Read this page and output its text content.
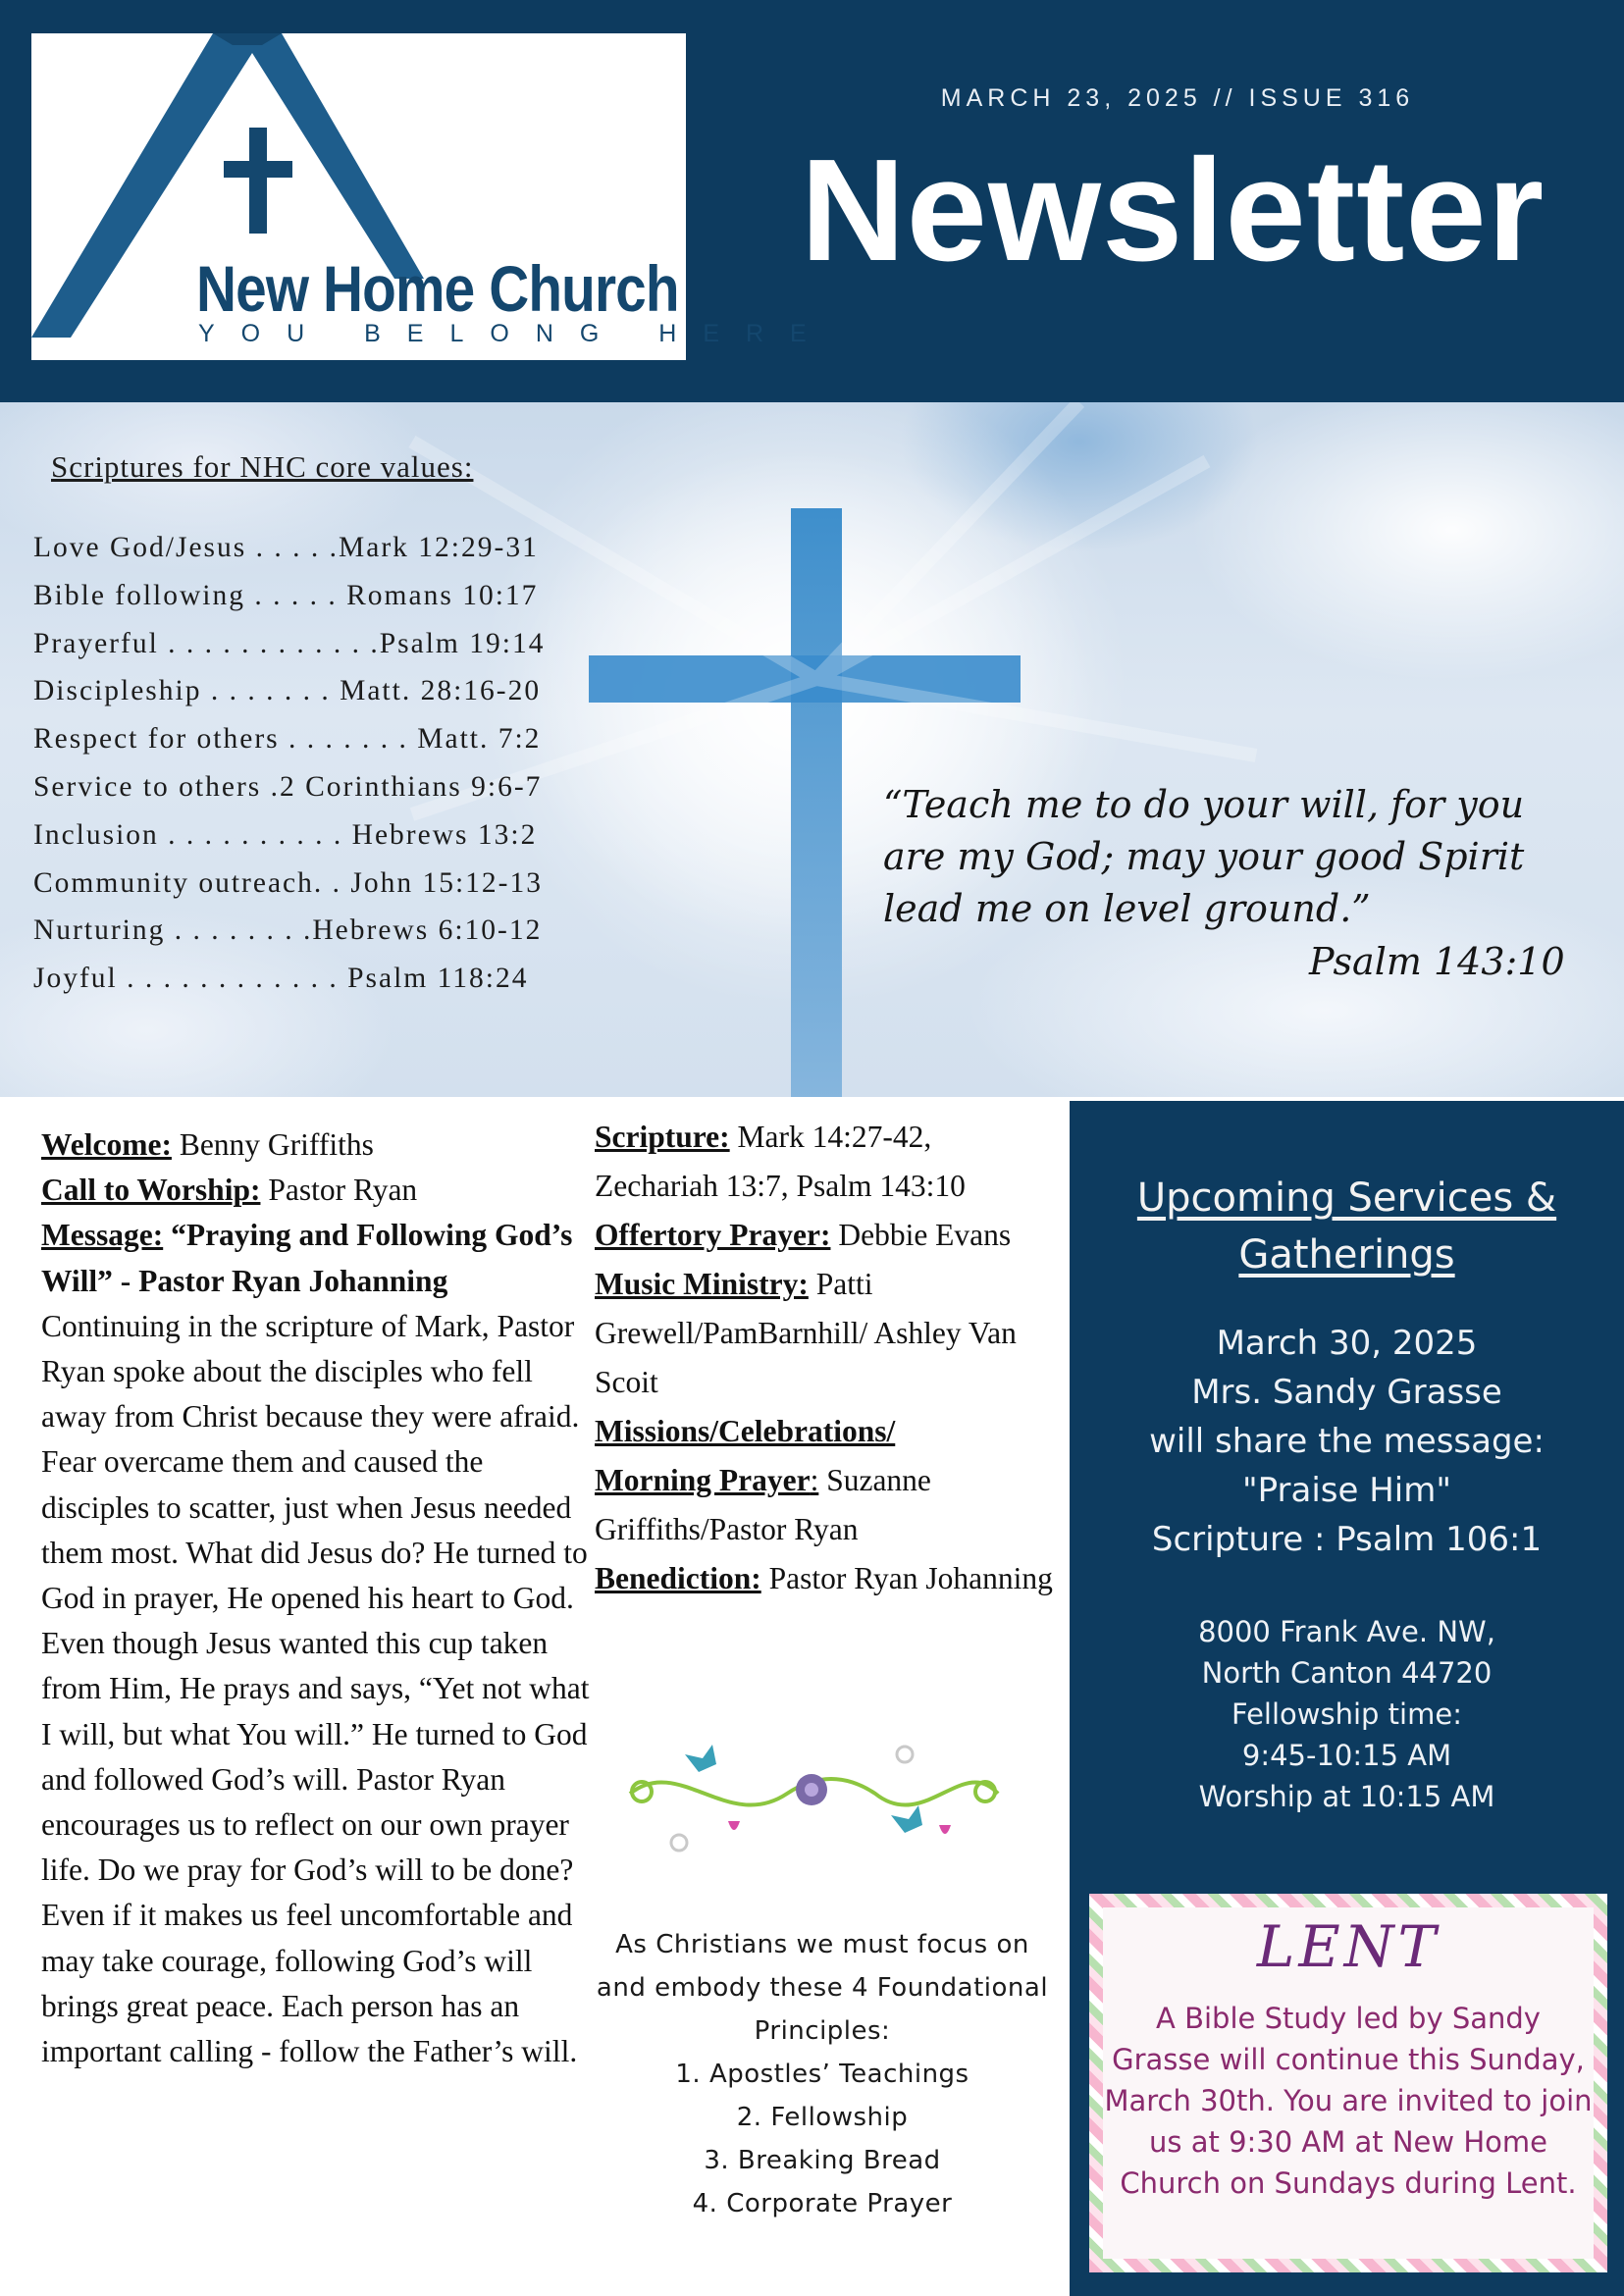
New Home Church
YOU BELONG HERE
MARCH 23, 2025 // ISSUE 316
Newsletter
Scriptures for NHC core values:
Love God/Jesus . . . . .Mark 12:29-31
Bible following . . . . . Romans 10:17
Prayerful . . . . . . . . . . . .Psalm 19:14
Discipleship . . . . . . . Matt. 28:16-20
Respect for others . . . . . . . Matt. 7:2
Service to others .2 Corinthians 9:6-7
Inclusion . . . . . . . . . . Hebrews 13:2
Community outreach. . John 15:12-13
Nurturing . . . . . . . .Hebrews 6:10-12
Joyful . . . . . . . . . . . . Psalm 118:24
“Teach me to do your will, for you are my God; may your good Spirit lead me on level ground.”
Psalm 143:10
Welcome: Benny Griffiths
Call to Worship: Pastor Ryan
Message: “Praying and Following God’s Will” - Pastor Ryan Johanning
Continuing in the scripture of Mark, Pastor Ryan spoke about the disciples who fell away from Christ because they were afraid. Fear overcame them and caused the disciples to scatter, just when Jesus needed them most. What did Jesus do? He turned to God in prayer, He opened his heart to God. Even though Jesus wanted this cup taken from Him, He prays and says, “Yet not what I will, but what You will.” He turned to God and followed God’s will. Pastor Ryan encourages us to reflect on our own prayer life. Do we pray for God’s will to be done? Even if it makes us feel uncomfortable and may take courage, following God’s will brings great peace. Each person has an important calling - follow the Father’s will.
Scripture: Mark 14:27-42, Zechariah 13:7, Psalm 143:10
Offertory Prayer: Debbie Evans
Music Ministry: Patti Grewell/PamBarnhill/ Ashley Van Scoit
Missions/Celebrations/
Morning Prayer: Suzanne Griffiths/Pastor Ryan
Benediction: Pastor Ryan Johanning
As Christians we must focus on and embody these 4 Foundational Principles:
1. Apostles’ Teachings
2. Fellowship
3. Breaking Bread
4. Corporate Prayer
Upcoming Services & Gatherings
March 30, 2025
Mrs. Sandy Grasse
will share the message:
"Praise Him"
Scripture : Psalm 106:1
8000 Frank Ave. NW,
North Canton 44720
Fellowship time:
9:45-10:15 AM
Worship at 10:15 AM
LENT
A Bible Study led by Sandy Grasse will continue this Sunday, March 30th. You are invited to join us at 9:30 AM at New Home Church on Sundays during Lent.
